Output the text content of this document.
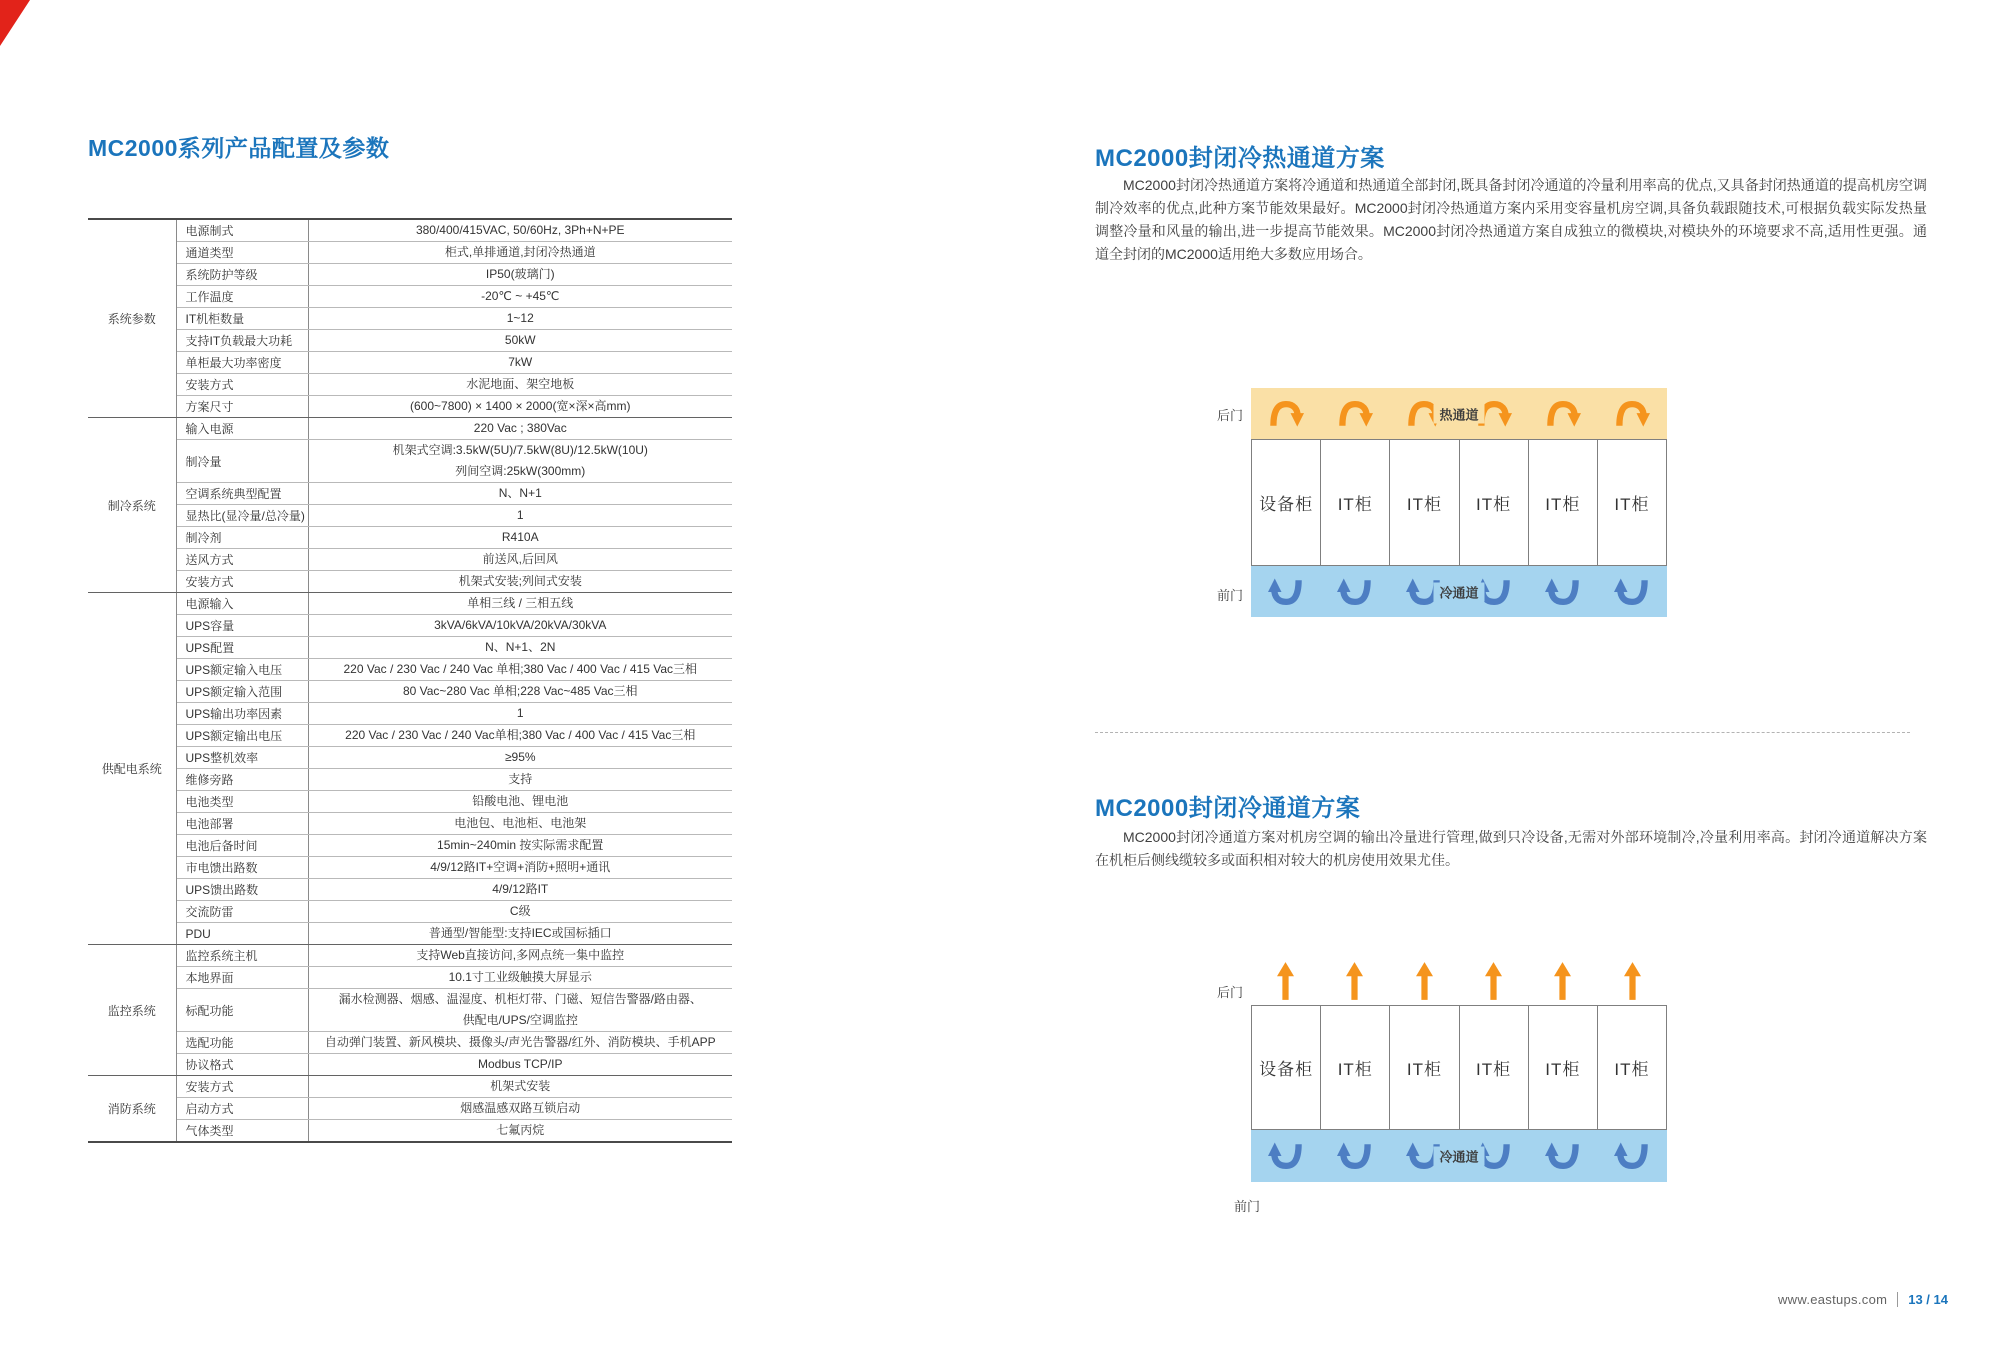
MC2000系列产品配置及参数
系统参数	电源制式	380/400/415VAC, 50/60Hz, 3Ph+N+PE

	通道类型	柜式,单排通道,封闭冷热通道

	系统防护等级	IP50(玻璃门)

	工作温度	-20℃ ~ +45℃

	IT机柜数量	1~12

	支持IT负载最大功耗	50kW

	单柜最大功率密度	7kW

	安装方式	水泥地面、架空地板

	方案尺寸	(600~7800) × 1400 × 2000(宽×深×高mm)

制冷系统	输入电源	220 Vac ; 380Vac

	制冷量	机架式空调:3.5kW(5U)/7.5kW(8U)/12.5kW(10U)
列间空调:25kW(300mm)

	空调系统典型配置	N、N+1

	显热比(显冷量/总冷量)	1

	制冷剂	R410A

	送风方式	前送风,后回风

	安装方式	机架式安装;列间式安装

供配电系统	电源输入	单相三线 / 三相五线

	UPS容量	3kVA/6kVA/10kVA/20kVA/30kVA

	UPS配置	N、N+1、2N

	UPS额定输入电压	220 Vac / 230 Vac / 240 Vac 单相;380 Vac / 400 Vac / 415 Vac三相

	UPS额定输入范围	80 Vac~280 Vac 单相;228 Vac~485 Vac三相

	UPS输出功率因素	1

	UPS额定输出电压	220 Vac / 230 Vac / 240 Vac单相;380 Vac / 400 Vac / 415 Vac三相

	UPS整机效率	≥95%

	维修旁路	支持

	电池类型	铅酸电池、锂电池

	电池部署	电池包、电池柜、电池架

	电池后备时间	15min~240min 按实际需求配置

	市电馈出路数	4/9/12路IT+空调+消防+照明+通讯

	UPS馈出路数	4/9/12路IT

	交流防雷	C级

	PDU	普通型/智能型:支持IEC或国标插口

监控系统	监控系统主机	支持Web直接访问,多网点统一集中监控

	本地界面	10.1寸工业级触摸大屏显示

	标配功能	漏水检测器、烟感、温湿度、机柜灯带、门磁、短信告警器/路由器、
供配电/UPS/空调监控

	选配功能	自动弹门装置、新风模块、摄像头/声光告警器/红外、消防模块、手机APP

	协议格式	Modbus TCP/IP

消防系统	安装方式	机架式安装

	启动方式	烟感温感双路互锁启动

	气体类型	七氟丙烷
MC2000封闭冷热通道方案
MC2000封闭冷热通道方案将冷通道和热通道全部封闭,既具备封闭冷通道的冷量利用率高的优点,又具备封闭热通道的提高机房空调制冷效率的优点,此种方案节能效果最好。MC2000封闭冷热通道方案内采用变容量机房空调,具备负载跟随技术,可根据负载实际发热量调整冷量和风量的输出,进一步提高节能效果。MC2000封闭冷热通道方案自成独立的微模块,对模块外的环境要求不高,适用性更强。通道全封闭的MC2000适用绝大多数应用场合。
后门	热通道
设备柜	IT柜	IT柜	IT柜	IT柜	IT柜
冷通道
前门
MC2000封闭冷通道方案
MC2000封闭冷通道方案对机房空调的输出冷量进行管理,做到只冷设备,无需对外部环境制冷,冷量利用率高。封闭冷通道解决方案在机柜后侧线缆较多或面积相对较大的机房使用效果尤佳。
后门
设备柜	IT柜	IT柜	IT柜	IT柜	IT柜
冷通道
前门
www.eastups.com 13 / 14
